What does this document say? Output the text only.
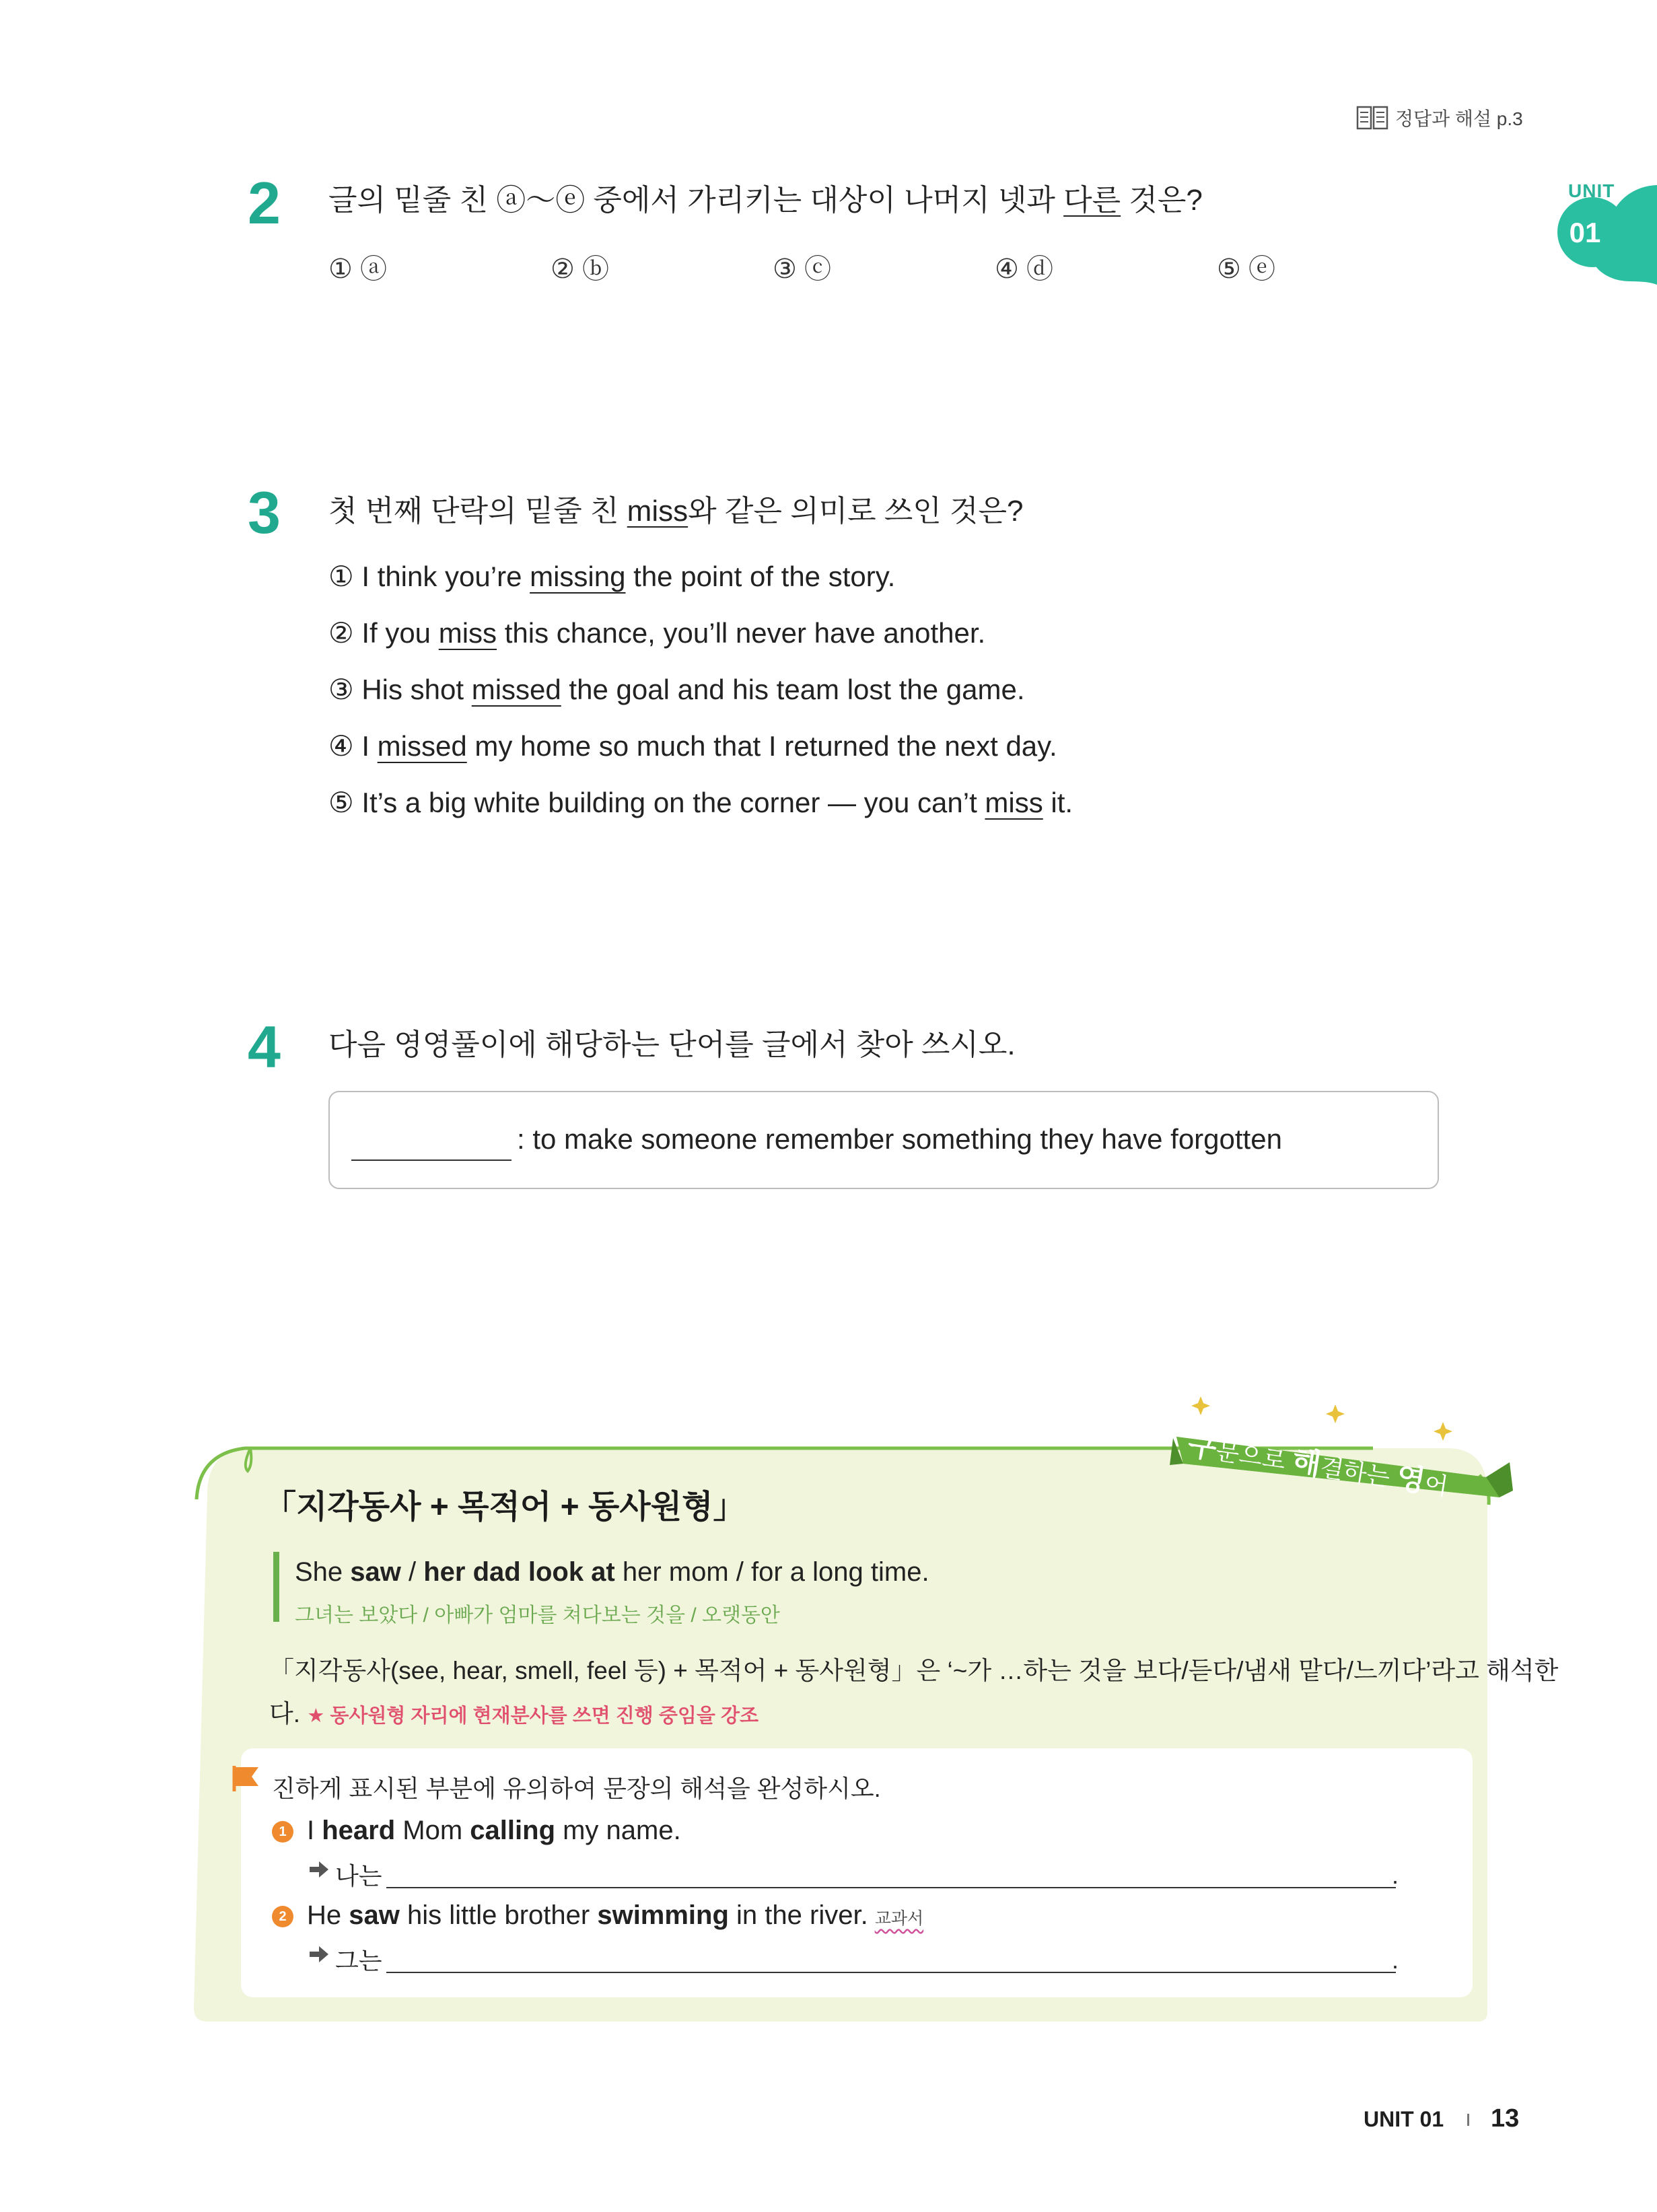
정답과 해설 p.3
UNIT
01
2 글의 밑줄 친 ⓐ～ⓔ 중에서 가리키는 대상이 나머지 넷과 다른 것은?
① ⓐ	② ⓑ	③ ⓒ	④ ⓓ	⑤ ⓔ
3 첫 번째 단락의 밑줄 친 miss와 같은 의미로 쓰인 것은?
① I think you’re missing the point of the story.
② If you miss this chance, you’ll never have another.
③ His shot missed the goal and his team lost the game.
④ I missed my home so much that I returned the next day.
⑤ It’s a big white building on the corner — you can’t miss it.
4 다음 영영풀이에 해당하는 단어를 글에서 찾아 쓰시오.
: to make someone remember something they have forgotten
구문으로 해결하는 영어
「지각동사 + 목적어 + 동사원형」
She saw / her dad look at her mom / for a long time.
그녀는 보았다 / 아빠가 엄마를 쳐다보는 것을 / 오랫동안
「지각동사(see, hear, smell, feel 등) + 목적어 + 동사원형」은 ‘~가 …하는 것을 보다/듣다/냄새 맡다/느끼다’라고 해석한
다. ★ 동사원형 자리에 현재분사를 쓰면 진행 중임을 강조
진하게 표시된 부분에 유의하여 문장의 해석을 완성하시오.
1 I heard Mom calling my name.
나는	.
2 He saw his little brother swimming in the river. 교과서
그는	.
UNIT 01 13
